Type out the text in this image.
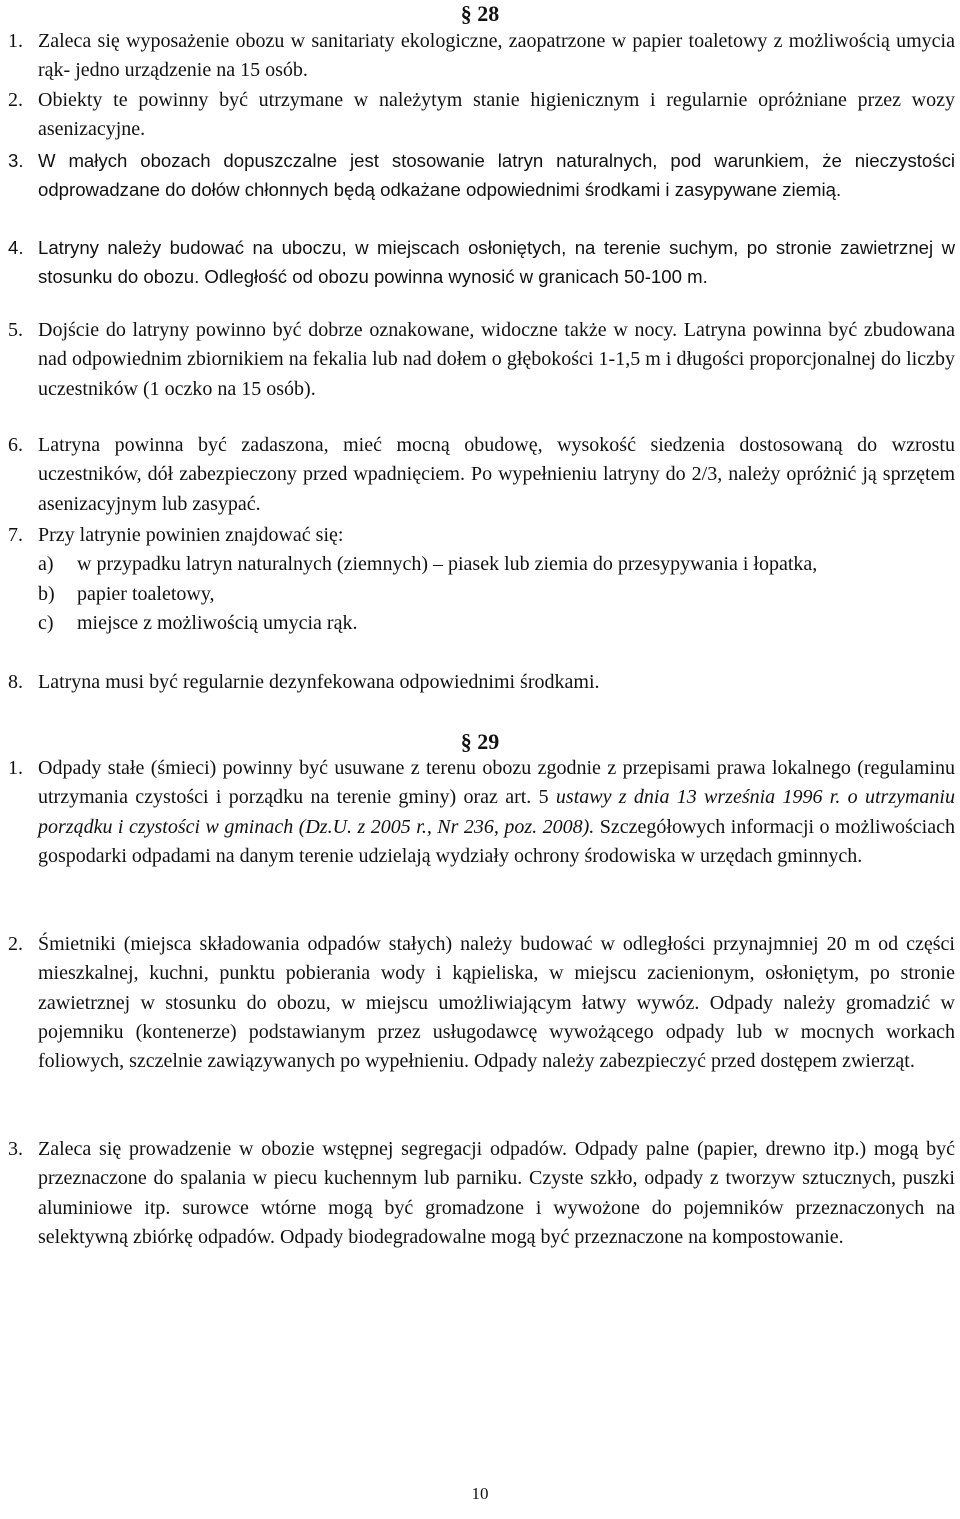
§ 28
1. Zaleca się wyposażenie obozu w sanitariaty ekologiczne, zaopatrzone w papier toaletowy z możliwością umycia rąk- jedno urządzenie na 15 osób.
2. Obiekty te powinny być utrzymane w należytym stanie higienicznym i regularnie opróżniane przez wozy asenizacyjne.
3. W małych obozach dopuszczalne jest stosowanie latryn naturalnych, pod warunkiem, że nieczystości odprowadzane do dołów chłonnych będą odkażane odpowiednimi środkami i zasypywane ziemią.
4. Latryny należy budować na uboczu, w miejscach osłoniętych, na terenie suchym, po stronie zawietrznej w stosunku do obozu. Odległość od obozu powinna wynosić w granicach 50-100 m.
5. Dojście do latryny powinno być dobrze oznakowane, widoczne także w nocy. Latryna powinna być zbudowana nad odpowiednim zbiornikiem na fekalia lub nad dołem o głębokości 1-1,5 m i długości proporcjonalnej do liczby uczestników (1 oczko na 15 osób).
6. Latryna powinna być zadaszona, mieć mocną obudowę, wysokość siedzenia dostosowaną do wzrostu uczestników, dół zabezpieczony przed wpadnięciem. Po wypełnieniu latryny do 2/3, należy opróżnić ją sprzętem asenizacyjnym lub zasypać.
7. Przy latrynie powinien znajdować się:
a) w przypadku latryn naturalnych (ziemnych) – piasek lub ziemia do przesypywania i łopatka,
b) papier toaletowy,
c) miejsce z możliwością umycia rąk.
8. Latryna musi być regularnie dezynfekowana odpowiednimi środkami.
§ 29
1. Odpady stałe (śmieci) powinny być usuwane z terenu obozu zgodnie z przepisami prawa lokalnego (regulaminu utrzymania czystości i porządku na terenie gminy) oraz art. 5 ustawy z dnia 13 września 1996 r. o utrzymaniu porządku i czystości w gminach (Dz.U. z 2005 r., Nr 236, poz. 2008). Szczegółowych informacji o możliwościach gospodarki odpadami na danym terenie udzielają wydziały ochrony środowiska w urzędach gminnych.
2. Śmietniki (miejsca składowania odpadów stałych) należy budować w odległości przynajmniej 20 m od części mieszkalnej, kuchni, punktu pobierania wody i kąpieliska, w miejscu zacienionym, osłoniętym, po stronie zawietrznej w stosunku do obozu, w miejscu umożliwiającym łatwy wywóz. Odpady należy gromadzić w pojemniku (kontenerze) podstawianym przez usługodawcę wywożącego odpady lub w mocnych workach foliowych, szczelnie zawiązywanych po wypełnieniu. Odpady należy zabezpieczyć przed dostępem zwierząt.
3. Zaleca się prowadzenie w obozie wstępnej segregacji odpadów. Odpady palne (papier, drewno itp.) mogą być przeznaczone do spalania w piecu kuchennym lub parniku. Czyste szkło, odpady z tworzyw sztucznych, puszki aluminiowe itp. surowce wtórne mogą być gromadzone i wywożone do pojemników przeznaczonych na selektywną zbiórkę odpadów. Odpady biodegradowalne mogą być przeznaczone na kompostowanie.
10
